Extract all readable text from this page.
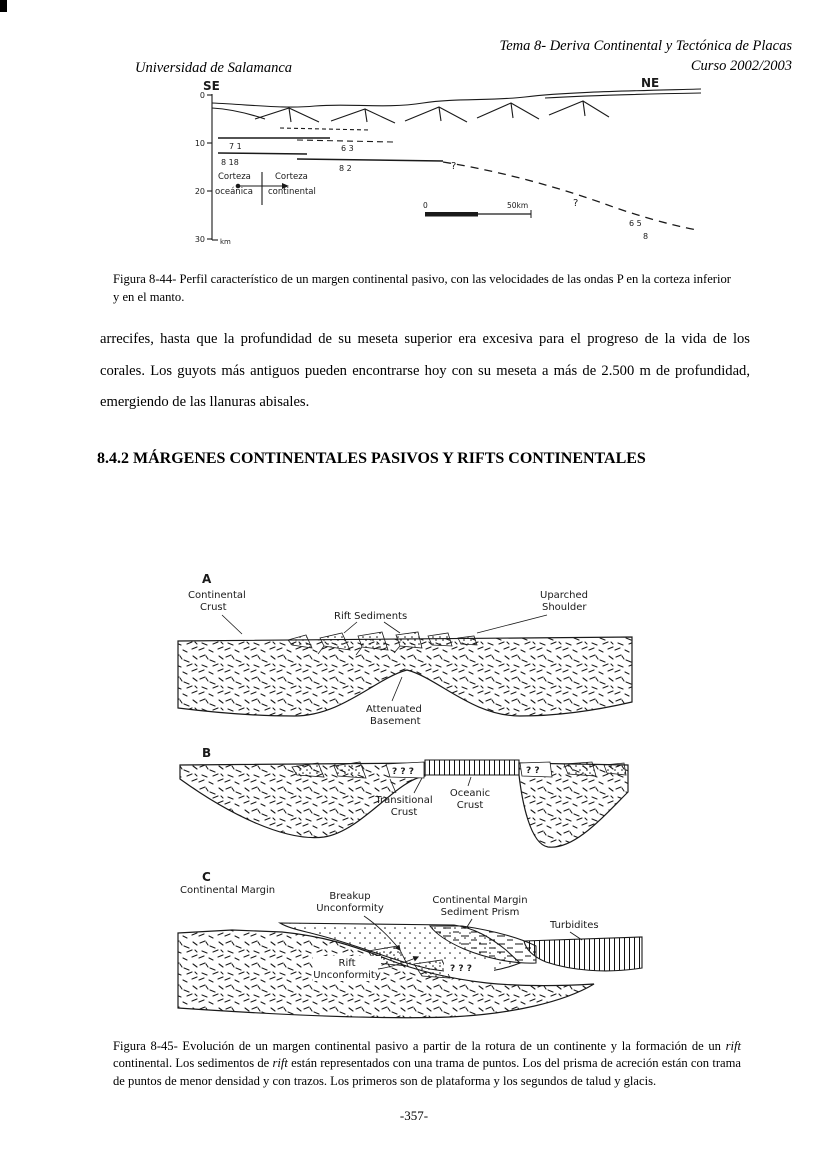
Tema 8- Deriva Continental y Tectónica de Placas
Universidad de Salamanca	Curso 2002/2003
SE	NE
0
10
20
30 km
7 1
8 18
6 3
8 2	?
?
6 5
8
Corteza
oceánica
Corteza
continental
0	50km
Figura 8-44- Perfil característico de un margen continental pasivo, con las velocidades de las ondas P en la corteza inferior y en el manto.
arrecifes, hasta que la profundidad de su meseta superior era excesiva para el progreso de la vida de los corales. Los guyots más antiguos pueden encontrarse hoy con su meseta a más de 2.500 m de profundidad, emergiendo de las llanuras abisales.
8.4.2 MÁRGENES CONTINENTALES PASIVOS Y RIFTS CONTINENTALES
A
Continental
Crust
Rift Sediments
Uparched
Shoulder
Attenuated
Basement
B
? ? ?	? ?
Transitional
Crust
Oceanic
Crust
C
Continental Margin
? ? ?
Breakup
Unconformity
Continental Margin
Sediment Prism
Turbidites
Rift
Unconformity
Figura 8-45- Evolución de un margen continental pasivo a partir de la rotura de un continente y la formación de un rift continental. Los sedimentos de rift están representados con una trama de puntos. Los del prisma de acreción están con trama de puntos de menor densidad y con trazos. Los primeros son de plataforma y los segundos de talud y glacis.
-357-
